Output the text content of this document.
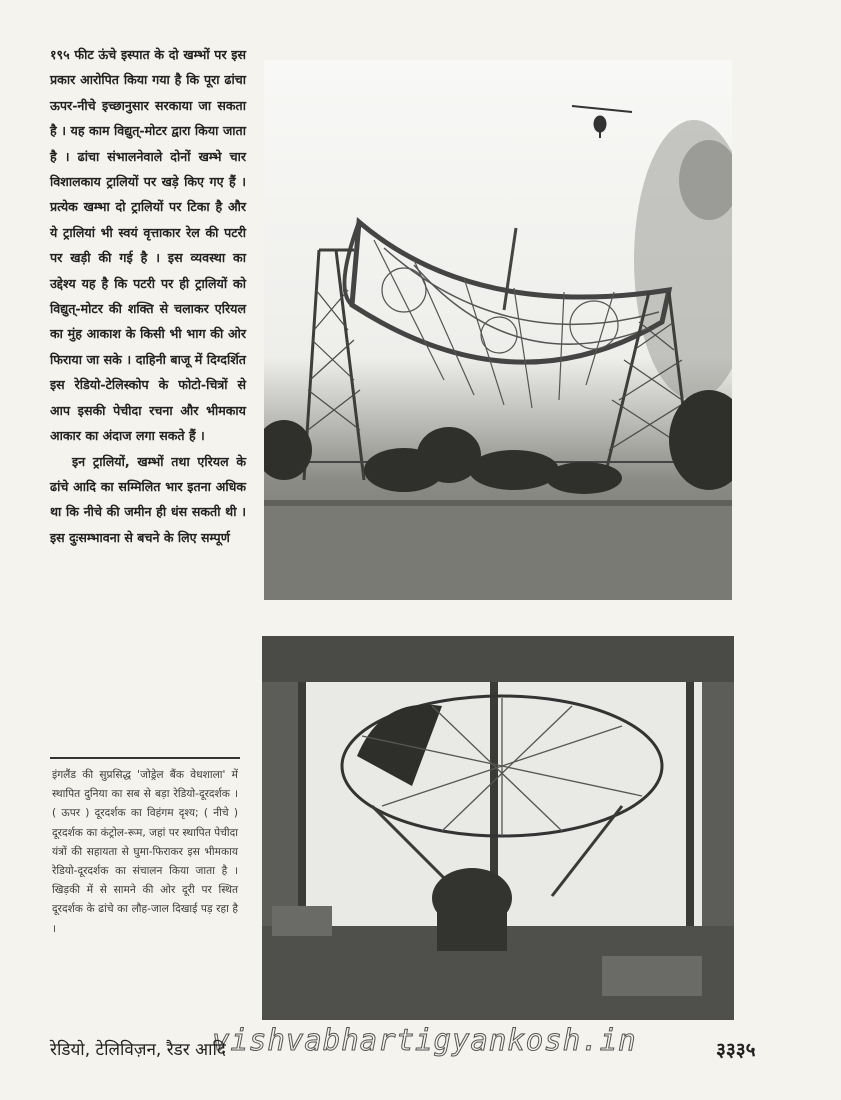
१९५ फीट ऊंचे इस्पात के दो खम्भों पर इस प्रकार आरोपित किया गया है कि पूरा ढांचा ऊपर-नीचे इच्छानुसार सरकाया जा सकता है । यह काम विद्युत्-मोटर द्वारा किया जाता है । ढांचा संभालनेवाले दोनों खम्भे चार विशालकाय ट्रालियों पर खड़े किए गए हैं । प्रत्येक खम्भा दो ट्रालियों पर टिका है और ये ट्रालियां भी स्वयं वृत्ताकार रेल की पटरी पर खड़ी की गई है । इस व्यवस्था का उद्देश्य यह है कि पटरी पर ही ट्रालियों को विद्युत्-मोटर की शक्ति से चलाकर एरियल का मुंह आकाश के किसी भी भाग की ओर फिराया जा सके । दाहिनी बाजू में दिग्दर्शित इस रेडियो-टेलिस्कोप के फोटो-चित्रों से आप इसकी पेचीदा रचना और भीमकाय आकार का अंदाज लगा सकते हैं ।

इन ट्रालियों, खम्भों तथा एरियल के ढांचे आदि का सम्मिलित भार इतना अधिक था कि नीचे की जमीन ही धंस सकती थी । इस दुःसम्भावना से बचने के लिए सम्पूर्ण

इंगलैंड की सुप्रसिद्ध 'जोड्रेल बैंक वेधशाला' में स्थापित दुनिया का सब से बड़ा रेडियो-दूरदर्शक । ( ऊपर ) दूरदर्शक का विहंगम दृश्य; ( नीचे ) दूरदर्शक का कंट्रोल-रूम, जहां पर स्थापित पेचीदा यंत्रों की सहायता से घुमा-फिराकर इस भीमकाय रेडियो-दूरदर्शक का संचालन किया जाता है । खिड़की में से सामने की ओर दूरी पर स्थित दूरदर्शक के ढांचे का लौह-जाल दिखाई पड़ रहा है ।
vishvabhartigyankosh.in
रेडियो, टेलिविज़न, रैडर आदि	३३३५
